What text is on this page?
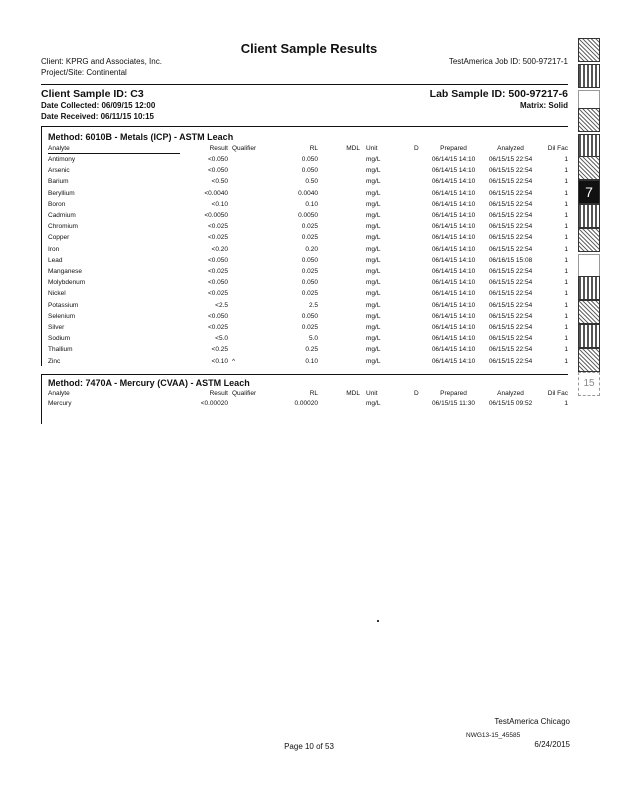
Client Sample Results
Client: KPRG and Associates, Inc.
Project/Site: Continental
TestAmerica Job ID: 500-97217-1
Client Sample ID: C3	Lab Sample ID: 500-97217-6
Date Collected: 06/09/15 12:00	Matrix: Solid
Date Received: 06/11/15 10:15
Method: 6010B - Metals (ICP) - ASTM Leach
Analyte	Result Qualifier	RL	MDL Unit	D	Prepared	Analyzed	Dil Fac
Antimony	<0.050	0.050	mg/L	06/14/15 14:10	06/15/15 22:54	1
Arsenic	<0.050	0.050	mg/L	06/14/15 14:10	06/15/15 22:54	1
Barium	<0.50	0.50	mg/L	06/14/15 14:10	06/15/15 22:54	1
Beryllium	<0.0040	0.0040	mg/L	06/14/15 14:10	06/15/15 22:54	1
Boron	<0.10	0.10	mg/L	06/14/15 14:10	06/15/15 22:54	1
Cadmium	<0.0050	0.0050	mg/L	06/14/15 14:10	06/15/15 22:54	1
Chromium	<0.025	0.025	mg/L	06/14/15 14:10	06/15/15 22:54	1
Copper	<0.025	0.025	mg/L	06/14/15 14:10	06/15/15 22:54	1
Iron	<0.20	0.20	mg/L	06/14/15 14:10	06/15/15 22:54	1
Lead	<0.050	0.050	mg/L	06/14/15 14:10	06/16/15 15:08	1
Manganese	<0.025	0.025	mg/L	06/14/15 14:10	06/15/15 22:54	1
Molybdenum	<0.050	0.050	mg/L	06/14/15 14:10	06/15/15 22:54	1
Nickel	<0.025	0.025	mg/L	06/14/15 14:10	06/15/15 22:54	1
Potassium	<2.5	2.5	mg/L	06/14/15 14:10	06/15/15 22:54	1
Selenium	<0.050	0.050	mg/L	06/14/15 14:10	06/15/15 22:54	1
Silver	<0.025	0.025	mg/L	06/14/15 14:10	06/15/15 22:54	1
Sodium	<5.0	5.0	mg/L	06/14/15 14:10	06/15/15 22:54	1
Thallium	<0.25	0.25	mg/L	06/14/15 14:10	06/15/15 22:54	1
Zinc	<0.10 ^	0.10	mg/L	06/14/15 14:10	06/15/15 22:54	1
Method: 7470A - Mercury (CVAA) - ASTM Leach
Analyte	Result Qualifier	RL	MDL Unit	D	Prepared	Analyzed	Dil Fac
Mercury	<0.00020	0.00020	mg/L	06/15/15 11:30	06/15/15 09:52	1
TestAmerica Chicago
Page 10 of 53
NWG13-15_45585
6/24/2015
7
15
